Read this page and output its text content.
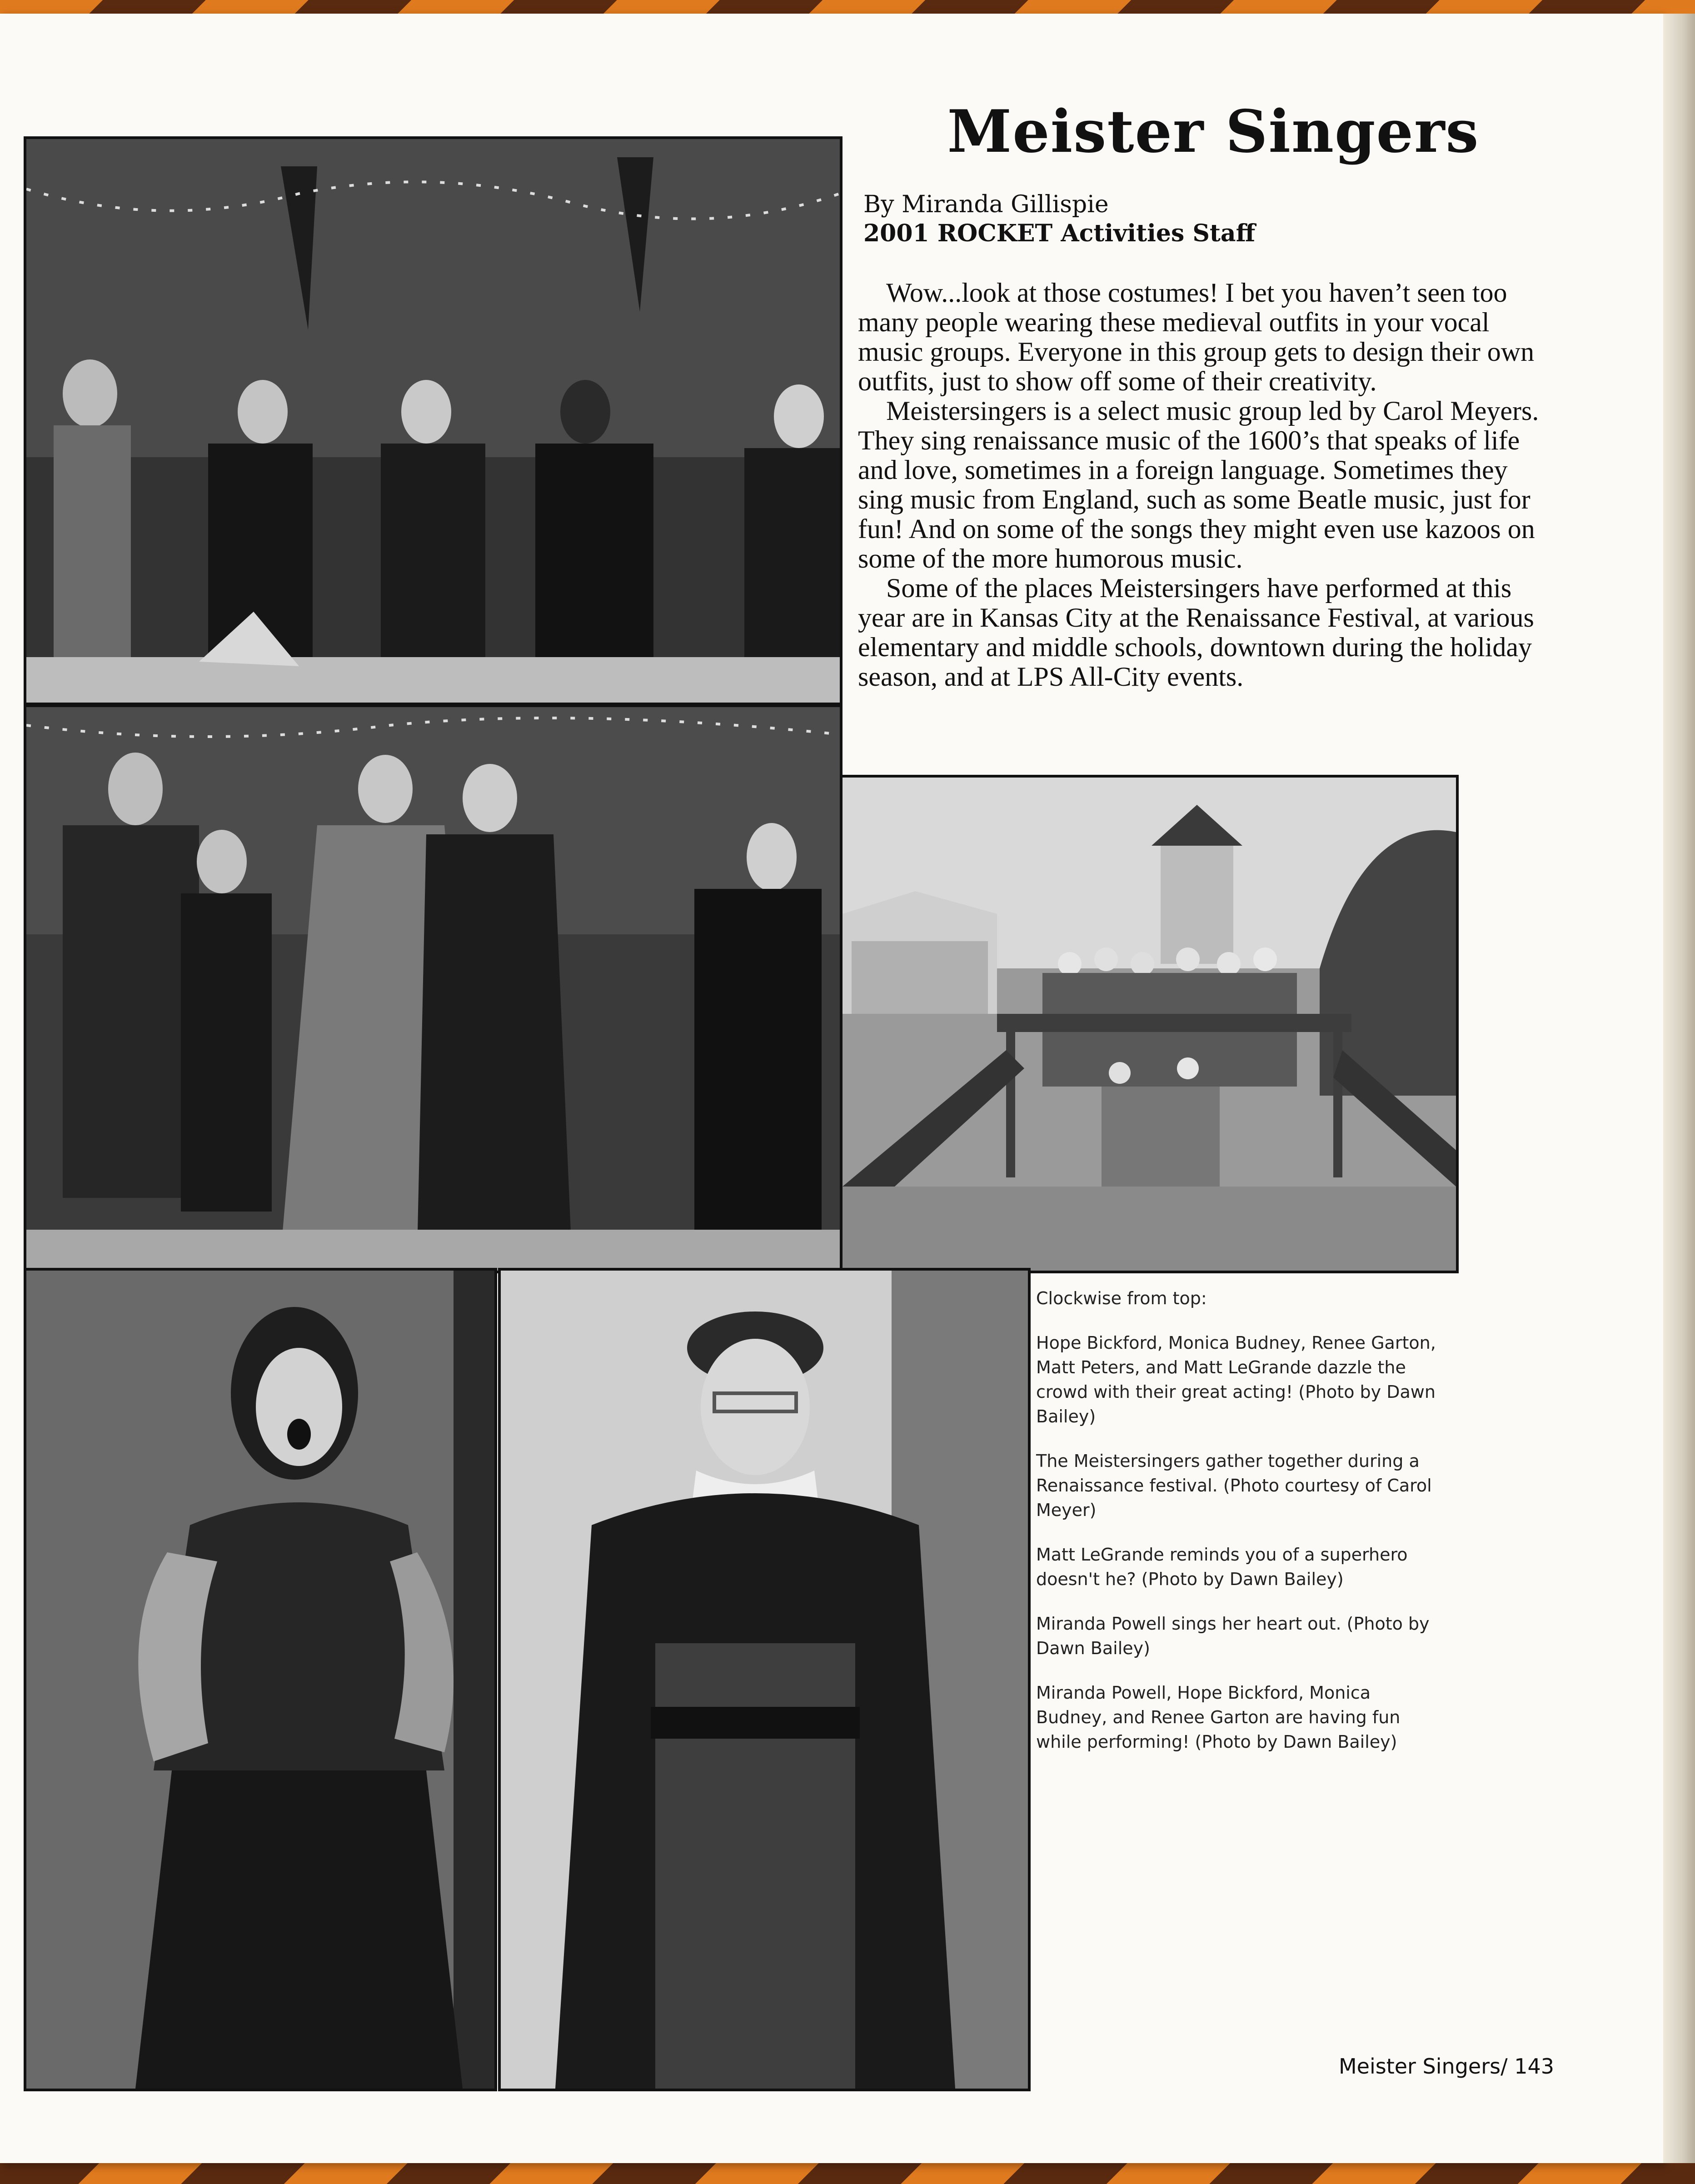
Meister Singers
By Miranda Gillispie
2001 ROCKET Activities Staff

Wow...look at those costumes! I bet you haven’t seen too many people wearing these medieval outfits in your vocal music groups. Everyone in this group gets to design their own outfits, just to show off some of their creativity.

Meistersingers is a select music group led by Carol Meyers. They sing renaissance music of the 1600’s that speaks of life and love, sometimes in a foreign language. Sometimes they sing music from England, such as some Beatle music, just for fun! And on some of the songs they might even use kazoos on some of the more humorous music.

Some of the places Meistersingers have performed at this year are in Kansas City at the Renaissance Festival, at various elementary and middle schools, downtown during the holiday season, and at LPS All-City events.

Clockwise from top:

Hope Bickford, Monica Budney, Renee Garton, Matt Peters, and Matt LeGrande dazzle the crowd with their great acting! (Photo by Dawn Bailey)

The Meistersingers gather together during a Renaissance festival. (Photo courtesy of Carol Meyer)

Matt LeGrande reminds you of a superhero doesn't he? (Photo by Dawn Bailey)

Miranda Powell sings her heart out. (Photo by Dawn Bailey)

Miranda Powell, Hope Bickford, Monica Budney, and Renee Garton are having fun while performing! (Photo by Dawn Bailey)

Meister Singers/ 143
